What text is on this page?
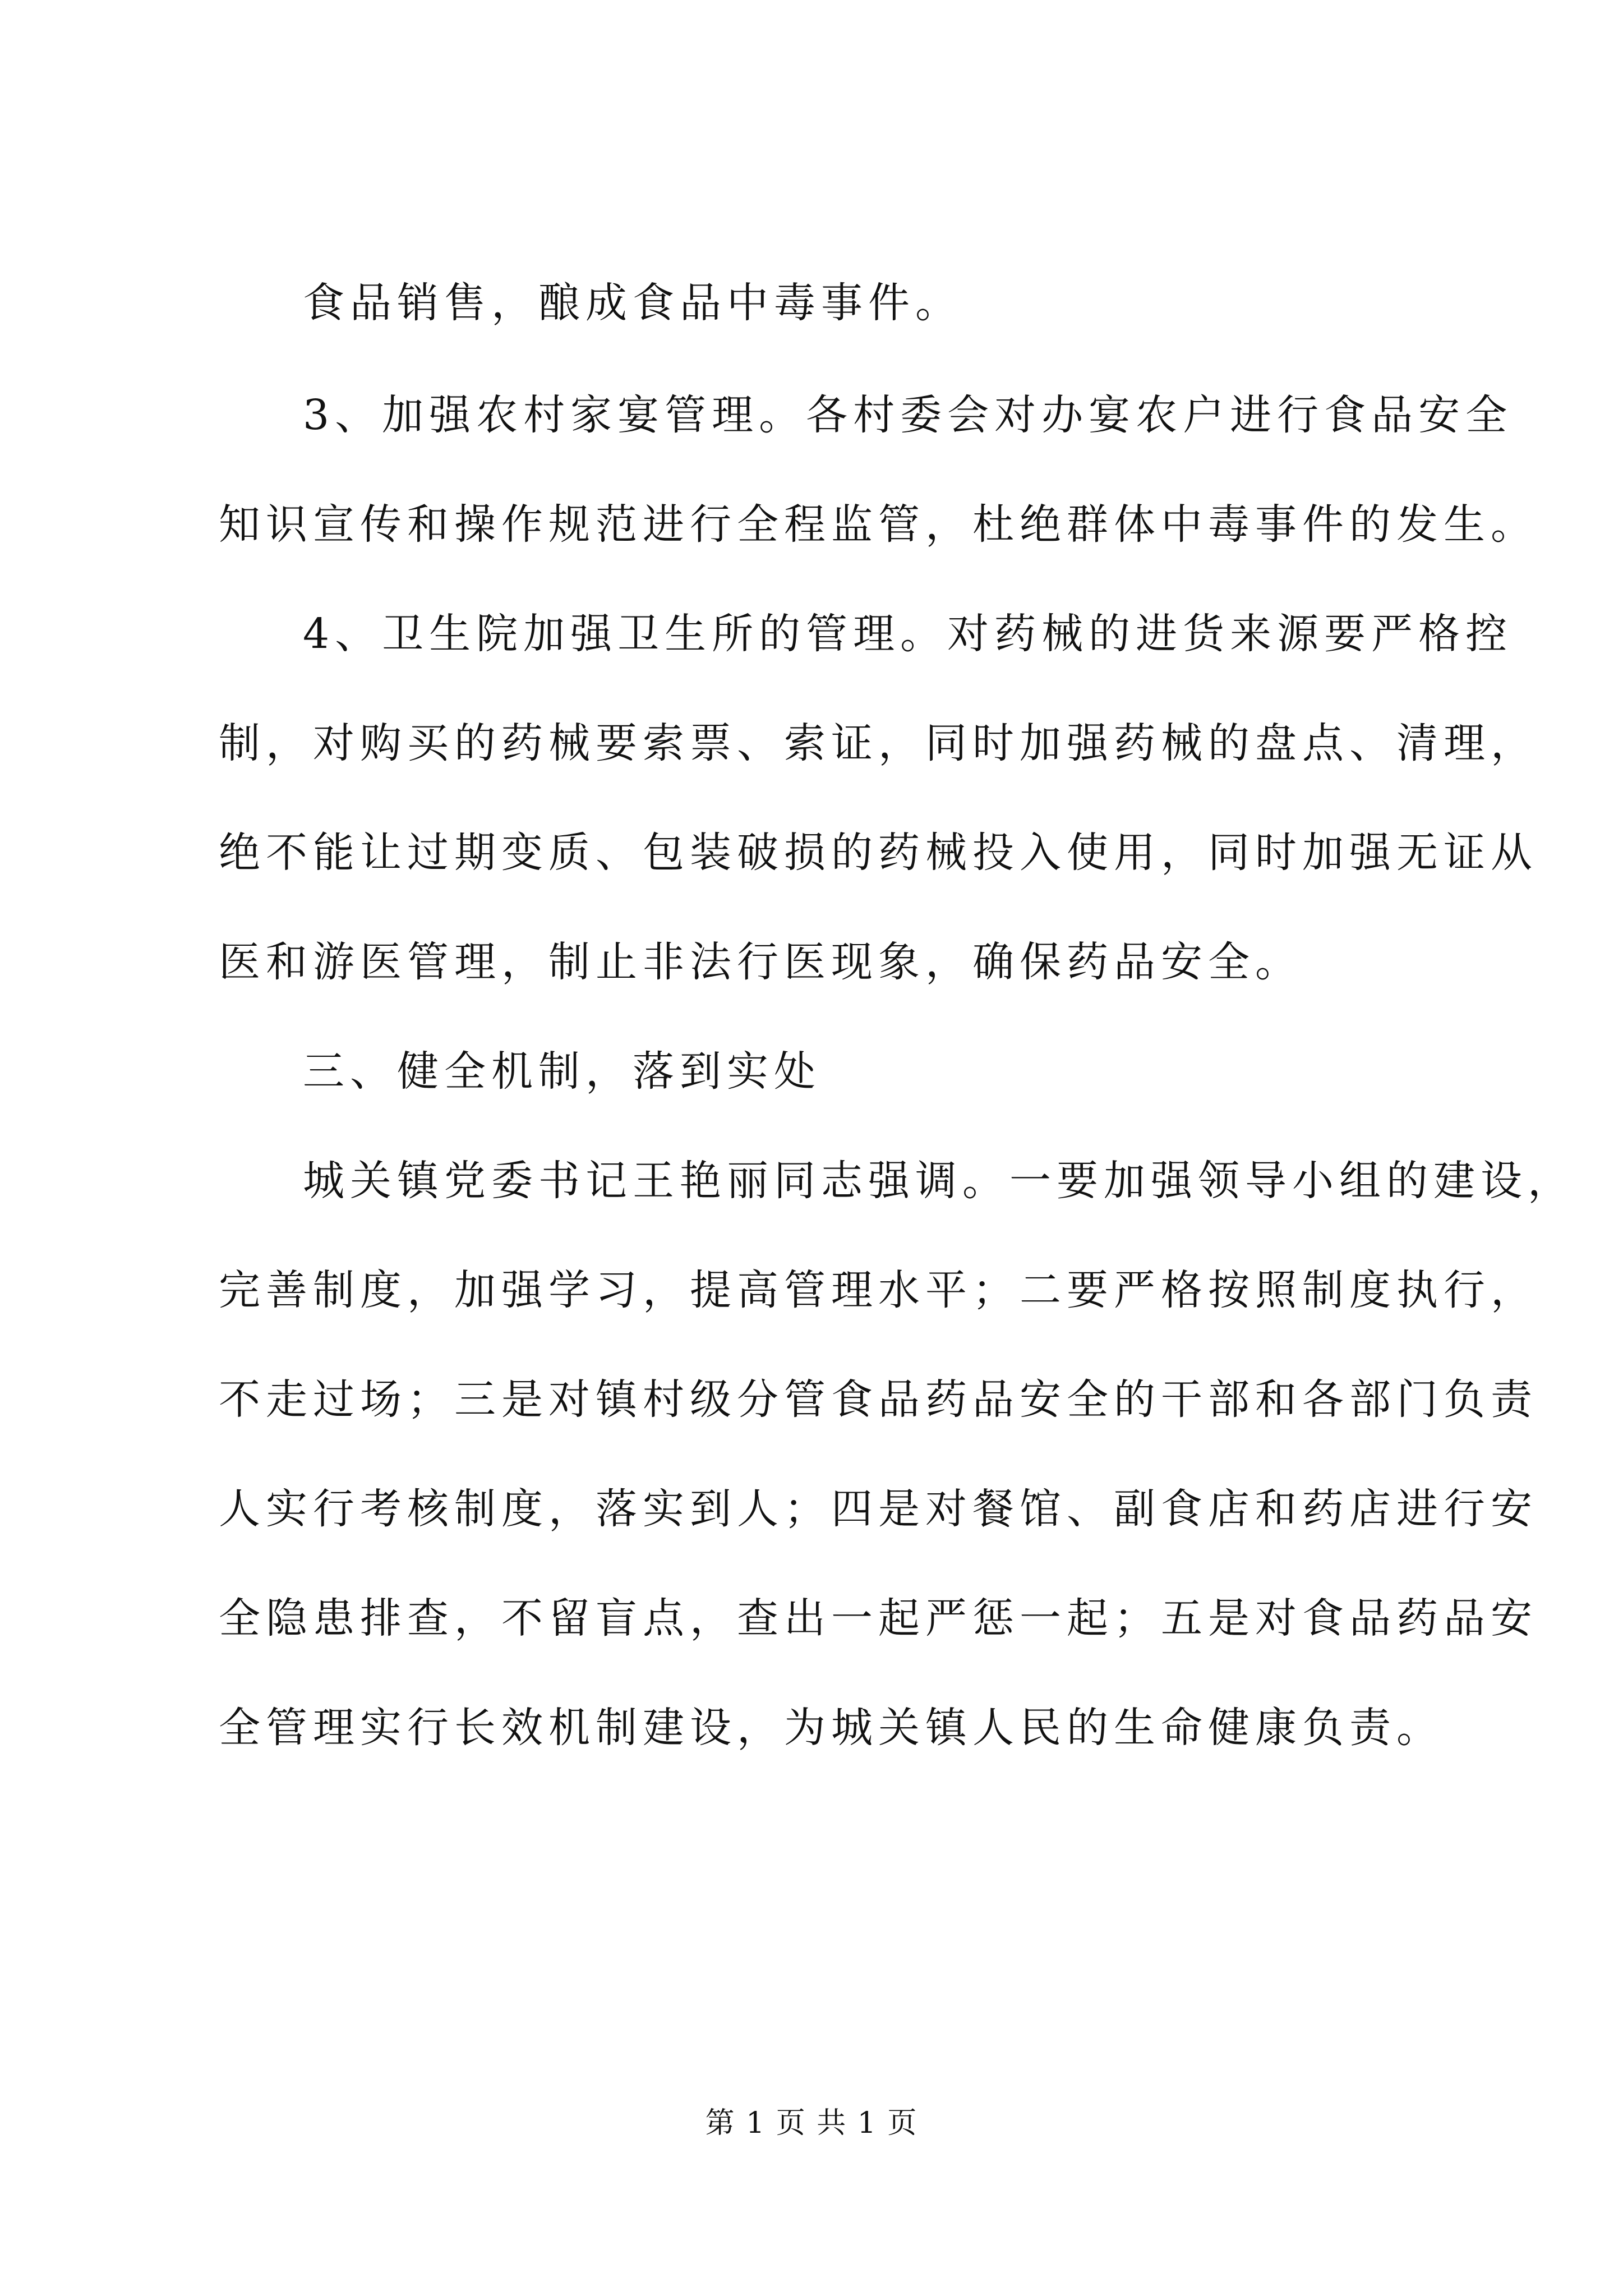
食品销售，酿成食品中毒事件。
3、加强农村家宴管理。各村委会对办宴农户进行食品安全
知识宣传和操作规范进行全程监管，杜绝群体中毒事件的发生。
4、卫生院加强卫生所的管理。对药械的进货来源要严格控
制，对购买的药械要索票、索证，同时加强药械的盘点、清理，
绝不能让过期变质、包装破损的药械投入使用，同时加强无证从
医和游医管理，制止非法行医现象，确保药品安全。
三、健全机制，落到实处
城关镇党委书记王艳丽同志强调。一要加强领导小组的建设，
完善制度，加强学习，提高管理水平；二要严格按照制度执行，
不走过场；三是对镇村级分管食品药品安全的干部和各部门负责
人实行考核制度，落实到人；四是对餐馆、副食店和药店进行安
全隐患排查，不留盲点，查出一起严惩一起；五是对食品药品安
全管理实行长效机制建设，为城关镇人民的生命健康负责。
第 1 页 共 1 页
